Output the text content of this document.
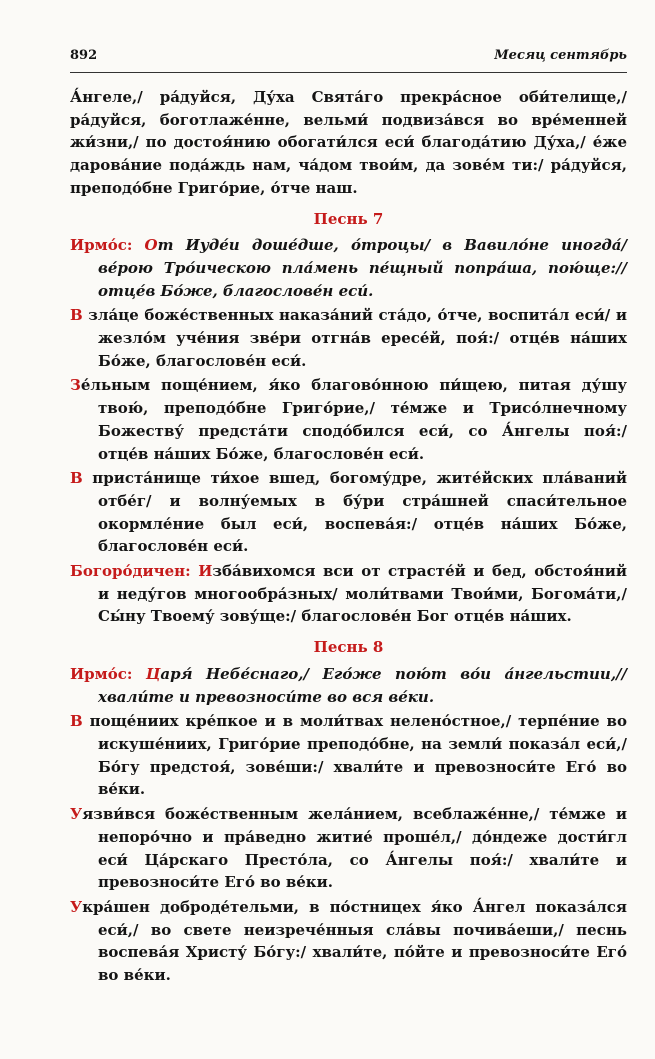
892	Месяц сентябрь

А́нгеле,/ ра́дуйся, Ду́ха Свята́го прекра́сное оби́телище,/ ра́дуйся, боготлаже́нне, вельми́ подвиза́вся во вре́менней жи́зни,/ по достоя́нию обогати́лся еси́ благода́тию Ду́ха,/ е́же дарова́ние пода́ждь нам, ча́дом твои́м, да зове́м ти:/ ра́дуйся, преподо́бне Григо́рие, о́тче наш.

Песнь 7

Ирмо́с: От Иуде́и доше́дше, о́троцы/ в Вавило́не иногда́/ ве́рою Тро́ическою пла́мень пе́щный попра́ша, пою́ще:// отце́в Бо́же, благослове́н еси́.

В зла́це боже́ственных наказа́ний ста́до, о́тче, воспита́л еси́/ и жезло́м уче́ния зве́ри отгна́в ересе́й, поя́:/ отце́в на́ших Бо́же, благослове́н еси́.

Зе́льным поще́нием, я́ко благово́нною пи́щею, питая ду́шу твою́, преподо́бне Григо́рие,/ те́мже и Трисо́лнечному Божеству́ предста́ти сподо́бился еси́, со А́нгелы поя́:/ отце́в на́ших Бо́же, благослове́н еси́.

В приста́нище ти́хое вшед, богому́дре, жите́йских пла́ваний отбе́г/ и волну́емых в бу́ри стра́шней спаси́тельное окормле́ние был еси́, воспева́я:/ отце́в на́ших Бо́же, благослове́н еси́.

Богоро́дичен: Изба́вихомся вси от страсте́й и бед, обстоя́ний и неду́гов многообра́зных/ моли́твами Твои́ми, Богома́ти,/ Сы́ну Твоему́ зову́ще:/ благослове́н Бог отце́в на́ших.

Песнь 8

Ирмо́с: Царя́ Небе́снаго,/ Его́же пою́т во́и а́нгельстии,// хвали́те и превозноси́те во вся ве́ки.

В поще́ниих кре́пкое и в моли́твах нелено́стное,/ терпе́ние во искуше́ниих, Григо́рие преподо́бне, на земли́ показа́л еси́,/ Бо́гу предстоя́, зове́ши:/ хвали́те и превозноси́те Его́ во ве́ки.

Уязви́вся боже́ственным жела́нием, всеблаже́нне,/ те́мже и непоро́чно и пра́ведно житие́ проше́л,/ до́ндеже дости́гл еси́ Ца́рскаго Престо́ла, со А́нгелы поя́:/ хвали́те и превозноси́те Его́ во ве́ки.

Укра́шен доброде́тельми, в по́стницех я́ко А́нгел показа́лся еси́,/ во свете неизрече́нныя сла́вы почива́еши,/ песнь воспева́я Христу́ Бо́гу:/ хвали́те, по́йте и превозноси́те Его́ во ве́ки.
